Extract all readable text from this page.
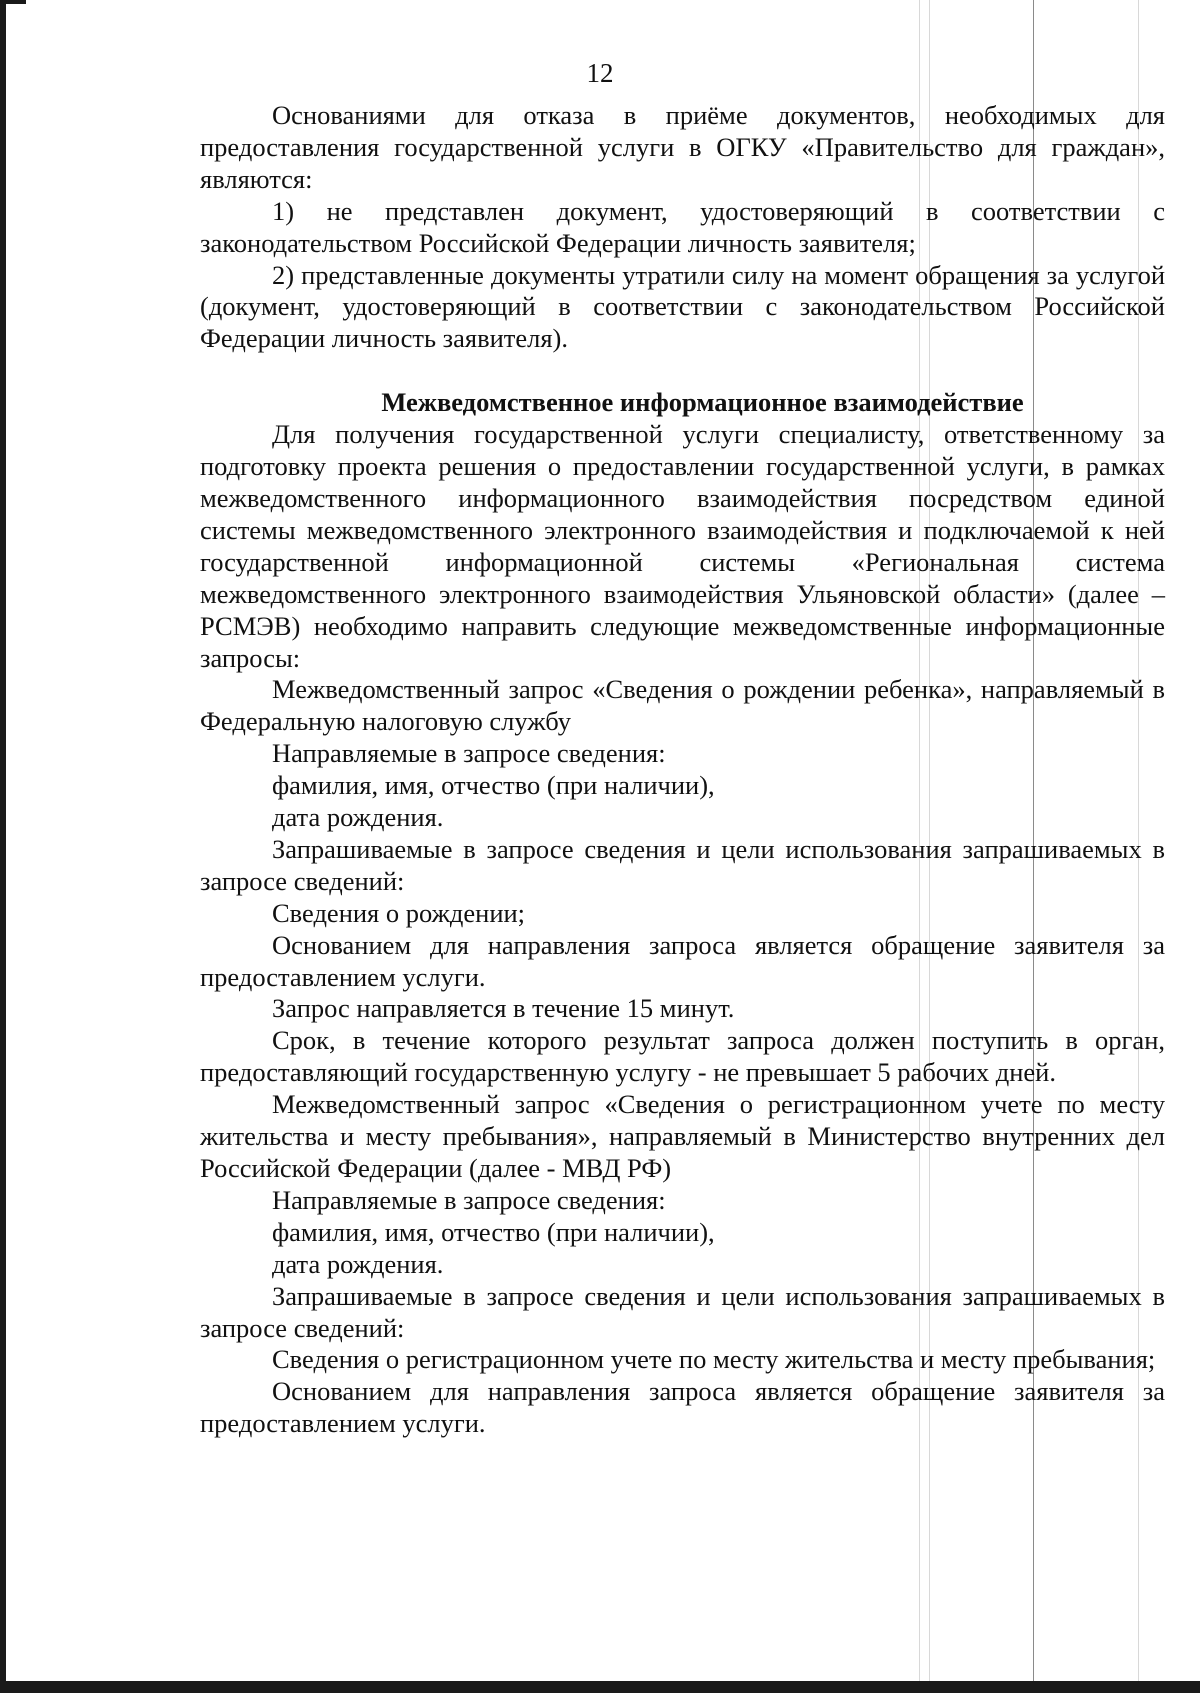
12

Основаниями для отказа в приёме документов, необходимых для предоставления государственной услуги в ОГКУ «Правительство для граждан», являются:

1) не представлен документ, удостоверяющий в соответствии с законодательством Российской Федерации личность заявителя;

2) представленные документы утратили силу на момент обращения за услугой (документ, удостоверяющий в соответствии с законодательством Российской Федерации личность заявителя).

Межведомственное информационное взаимодействие

Для получения государственной услуги специалисту, ответственному за подготовку проекта решения о предоставлении государственной услуги, в рамках межведомственного информационного взаимодействия посредством единой системы межведомственного электронного взаимодействия и подключаемой к ней государственной информационной системы «Региональная система межведомственного электронного взаимодействия Ульяновской области» (далее – РСМЭВ) необходимо направить следующие межведомственные информационные запросы:

Межведомственный запрос «Сведения о рождении ребенка», направляемый в Федеральную налоговую службу

Направляемые в запросе сведения:

фамилия, имя, отчество (при наличии),

дата рождения.

Запрашиваемые в запросе сведения и цели использования запрашиваемых в запросе сведений:

Сведения о рождении;

Основанием для направления запроса является обращение заявителя за предоставлением услуги.

Запрос направляется в течение 15 минут.

Срок, в течение которого результат запроса должен поступить в орган, предоставляющий государственную услугу - не превышает 5 рабочих дней.

Межведомственный запрос «Сведения о регистрационном учете по месту жительства и месту пребывания», направляемый в Министерство внутренних дел Российской Федерации (далее - МВД РФ)

Направляемые в запросе сведения:

фамилия, имя, отчество (при наличии),

дата рождения.

Запрашиваемые в запросе сведения и цели использования запрашиваемых в запросе сведений:

Сведения о регистрационном учете по месту жительства и месту пребывания;

Основанием для направления запроса является обращение заявителя за предоставлением услуги.
